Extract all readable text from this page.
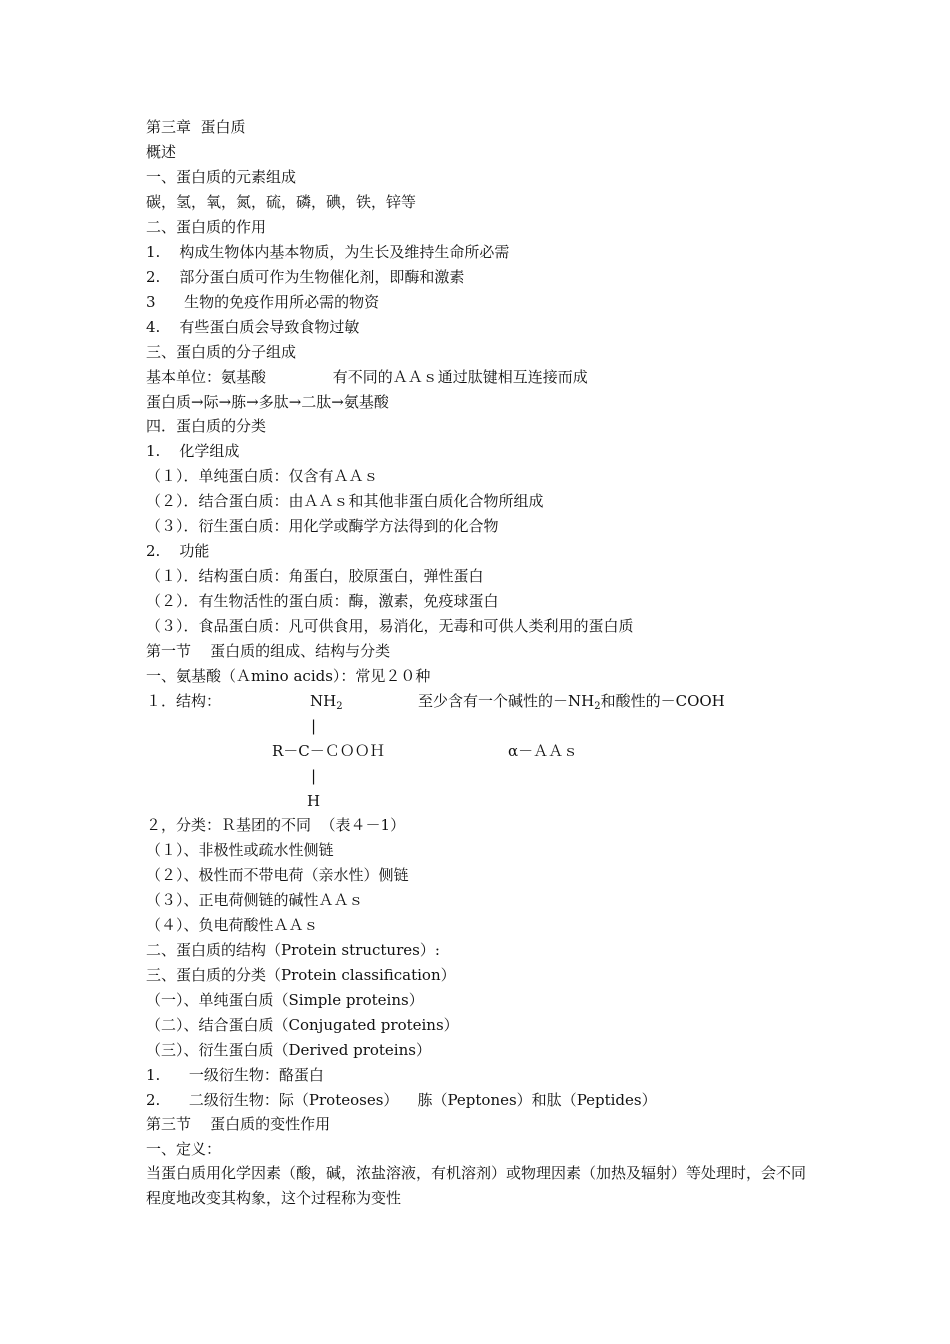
第三章  蛋白质
概述
一、蛋白质的元素组成
碳，氢，氧，氮，硫，磷，碘，铁，锌等
二、蛋白质的作用
1.    构成生物体内基本物质，为生长及维持生命所必需
2.    部分蛋白质可作为生物催化剂，即酶和激素
3      生物的免疫作用所必需的物资
4.    有些蛋白质会导致食物过敏
三、蛋白质的分子组成
基本单位：氨基酸              有不同的ＡＡｓ通过肽键相互连接而成
蛋白质→际→胨→多肽→二肽→氨基酸
四．蛋白质的分类
1.    化学组成
（１）．单纯蛋白质：仅含有ＡＡｓ
（２）．结合蛋白质：由ＡＡｓ和其他非蛋白质化合物所组成
（３）．衍生蛋白质：用化学或酶学方法得到的化合物
2.    功能
（１）．结构蛋白质：角蛋白，胶原蛋白，弹性蛋白
（２）．有生物活性的蛋白质：酶，激素，免疫球蛋白
（３）．食品蛋白质：凡可供食用，易消化，无毒和可供人类利用的蛋白质
第一节    蛋白质的组成、结构与分类
一、氨基酸（Ａmino acids）：常见２０种
１．结构：	$NH_2$	至少含有一个碱性的$-NH_2$和酸性的－COOH
|
R－C－ＣＯＯＨ	α－ＡＡｓ
|
H
２，分类：Ｒ基团的不同  （表４－1）
（１）、非极性或疏水性侧链
（２）、极性而不带电荷（亲水性）侧链
（３）、正电荷侧链的碱性ＡＡｓ
（４）、负电荷酸性ＡＡｓ
二、蛋白质的结构（Protein structures）:
三、蛋白质的分类（Protein classification）
（一）、单纯蛋白质（Simple proteins）
（二）、结合蛋白质（Conjugated proteins）
（三）、衍生蛋白质（Derived proteins）
1.      一级衍生物：酪蛋白
2.      二级衍生物：际（Proteoses）    胨（Peptones）和肽（Peptides）
第三节    蛋白质的变性作用
一、定义：
当蛋白质用化学因素（酸，碱，浓盐溶液，有机溶剂）或物理因素（加热及辐射）等处理时，会不同程度地改变其构象，这个过程称为变性
